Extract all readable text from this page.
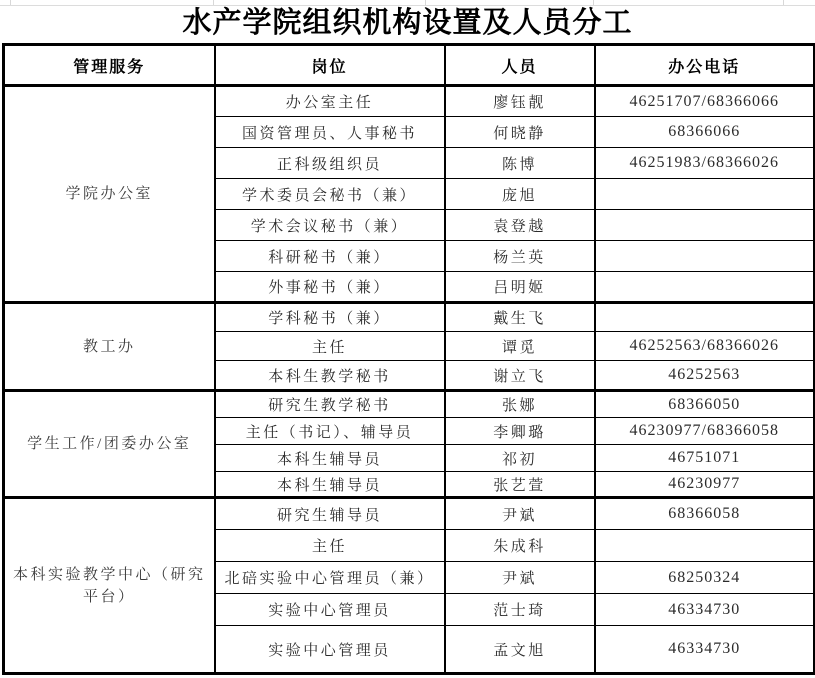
水产学院组织机构设置及人员分工
管理服务	岗位	人员	办公电话
学院办公室	办公室主任	廖钰靓	46251707/68366066
	国资管理员、人事秘书	何晓静	68366066
	正科级组织员	陈博	46251983/68366026
	学术委员会秘书（兼）	庞旭	
	学术会议秘书（兼）	袁登越	
	科研秘书（兼）	杨兰英	
	外事秘书（兼）	吕明姬	
教工办	学科秘书（兼）	戴生飞	
	主任	谭觅	46252563/68366026
	本科生教学秘书	谢立飞	46252563
学生工作/团委办公室	研究生教学秘书	张娜	68366050
	主任（书记）、辅导员	李卿璐	46230977/68366058
	本科生辅导员	祁初	46751071
	本科生辅导员	张艺萱	46230977
本科实验教学中心（研究平台）	研究生辅导员	尹斌	68366058
	主任	朱成科	
	北碚实验中心管理员（兼）	尹斌	68250324
	实验中心管理员	范士琦	46334730
	实验中心管理员	孟文旭	46334730
